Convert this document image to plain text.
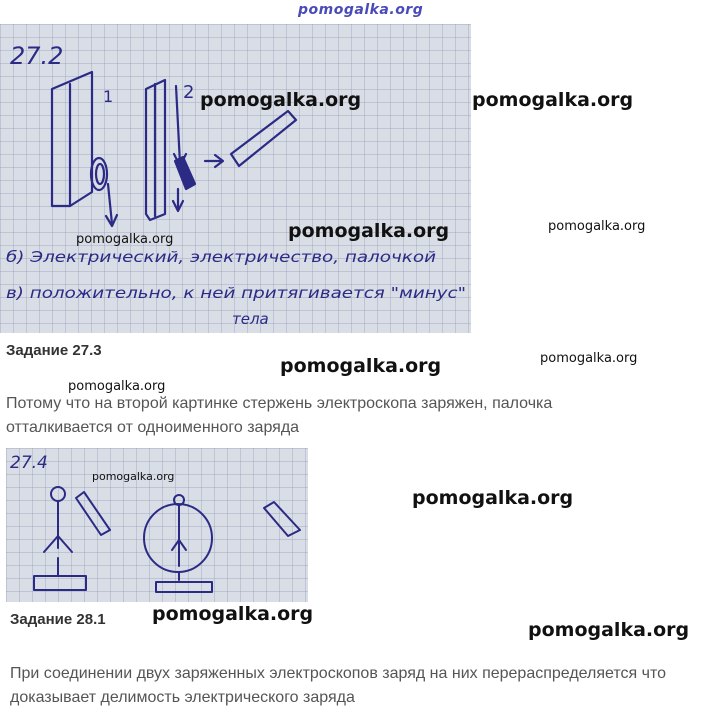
pomogalka.org
27.2
1	2
б) Электрический, электричество, палочкой
в) положительно, к ней притягивается "минус"
тела
pomogalka.org	pomogalka.org
pomogalka.org
pomogalka.org
pomogalka.org
Задание 27.3
pomogalka.org	pomogalka.org
pomogalka.org
Потому что на второй картинке стержень электроскопа заряжен, палочка отталкивается от одноименного заряда
27.4
pomogalka.org
pomogalka.org
Задание 28.1 pomogalka.org
pomogalka.org
При соединении двух заряженных электроскопов заряд на них перераспределяется что доказывает делимость электрического заряда
